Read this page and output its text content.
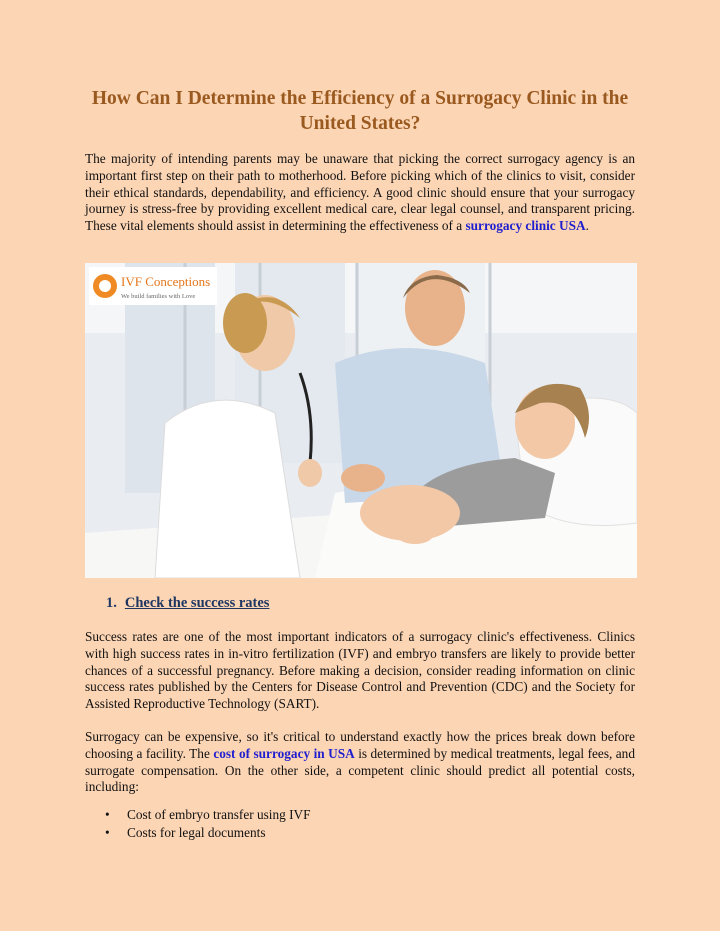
How Can I Determine the Efficiency of a Surrogacy Clinic in the United States?
The majority of intending parents may be unaware that picking the correct surrogacy agency is an important first step on their path to motherhood. Before picking which of the clinics to visit, consider their ethical standards, dependability, and efficiency. A good clinic should ensure that your surrogacy journey is stress-free by providing excellent medical care, clear legal counsel, and transparent pricing. These vital elements should assist in determining the effectiveness of a surrogacy clinic USA.
IVF Conceptions
We build families with Love
1. Check the success rates
Success rates are one of the most important indicators of a surrogacy clinic's effectiveness. Clinics with high success rates in in-vitro fertilization (IVF) and embryo transfers are likely to provide better chances of a successful pregnancy. Before making a decision, consider reading information on clinic success rates published by the Centers for Disease Control and Prevention (CDC) and the Society for Assisted Reproductive Technology (SART).
Surrogacy can be expensive, so it's critical to understand exactly how the prices break down before choosing a facility. The cost of surrogacy in USA is determined by medical treatments, legal fees, and surrogate compensation. On the other side, a competent clinic should predict all potential costs, including:
• Cost of embryo transfer using IVF
• Costs for legal documents
